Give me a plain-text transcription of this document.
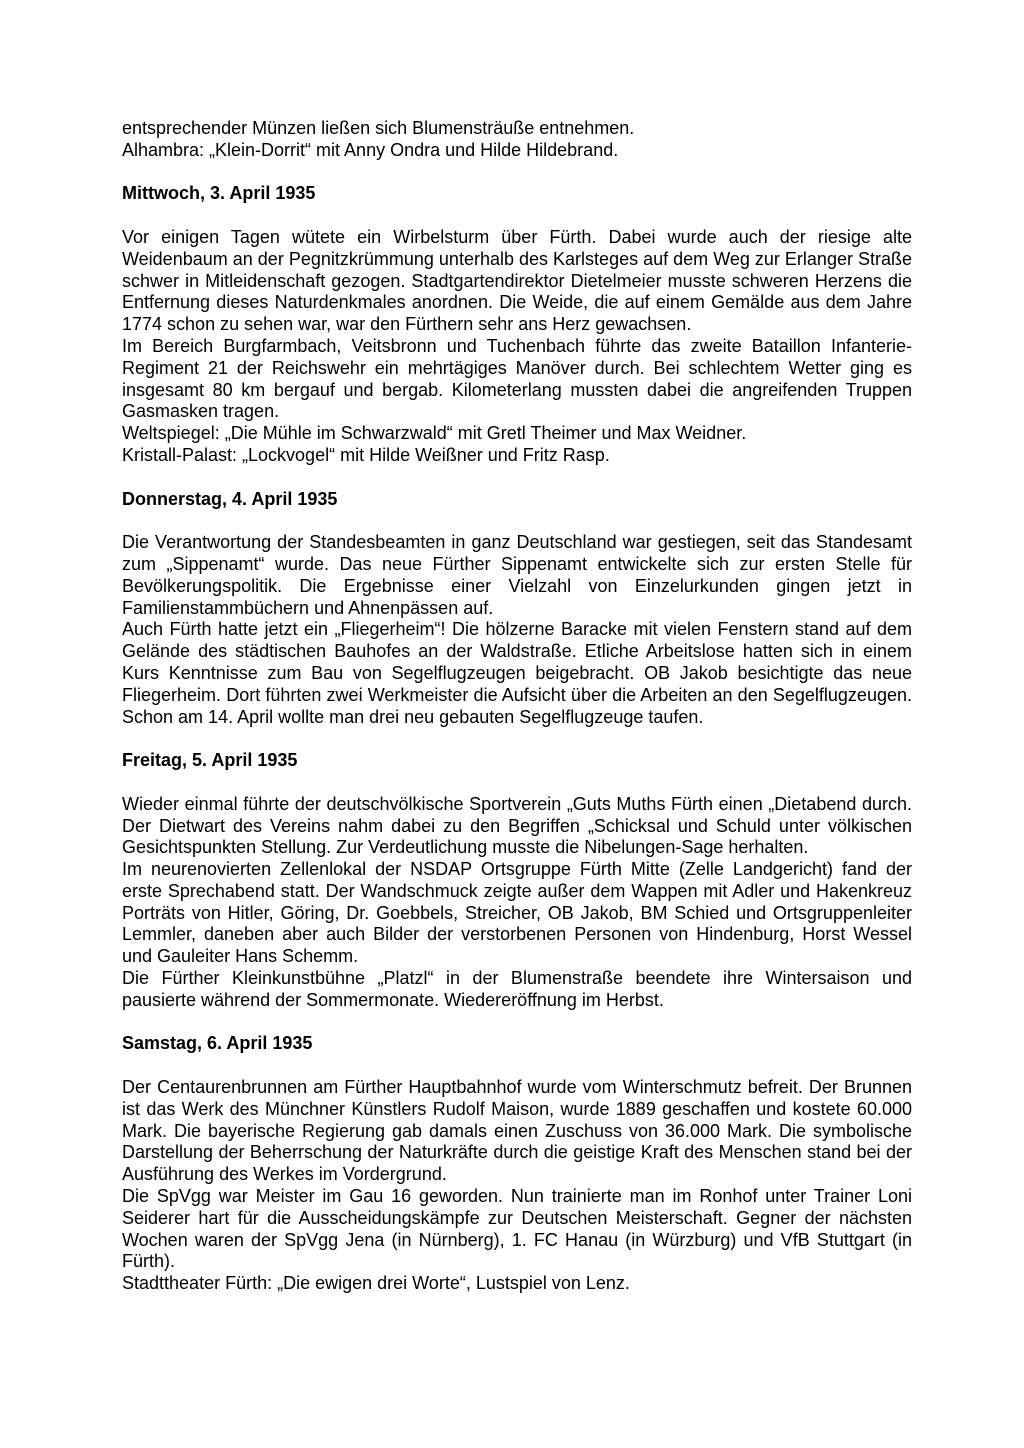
entsprechender Münzen ließen sich Blumensträuße entnehmen.

Alhambra: „Klein-Dorrit“ mit Anny Ondra und Hilde Hildebrand.

Mittwoch, 3. April 1935

Vor einigen Tagen wütete ein Wirbelsturm über Fürth. Dabei wurde auch der riesige alte Weidenbaum an der Pegnitzkrümmung unterhalb des Karlsteges auf dem Weg zur Erlanger Straße schwer in Mitleidenschaft gezogen. Stadtgartendirektor Dietelmeier musste schweren Herzens die Entfernung dieses Naturdenkmales anordnen. Die Weide, die auf einem Gemälde aus dem Jahre 1774 schon zu sehen war, war den Fürthern sehr ans Herz gewachsen.

Im Bereich Burgfarmbach, Veitsbronn und Tuchenbach führte das zweite Bataillon Infanterie-Regiment 21 der Reichswehr ein mehrtägiges Manöver durch. Bei schlechtem Wetter ging es insgesamt 80 km bergauf und bergab. Kilometerlang mussten dabei die angreifenden Truppen Gasmasken tragen.

Weltspiegel: „Die Mühle im Schwarzwald“ mit Gretl Theimer und Max Weidner.

Kristall-Palast: „Lockvogel“ mit Hilde Weißner und Fritz Rasp.

Donnerstag, 4. April 1935

Die Verantwortung der Standesbeamten in ganz Deutschland war gestiegen, seit das Standesamt zum „Sippenamt“ wurde. Das neue Fürther Sippenamt entwickelte sich zur ersten Stelle für Bevölkerungspolitik. Die Ergebnisse einer Vielzahl von Einzelurkunden gingen jetzt in Familienstammbüchern und Ahnenpässen auf.

Auch Fürth hatte jetzt ein „Fliegerheim“! Die hölzerne Baracke mit vielen Fenstern stand auf dem Gelände des städtischen Bauhofes an der Waldstraße. Etliche Arbeitslose hatten sich in einem Kurs Kenntnisse zum Bau von Segelflugzeugen beigebracht. OB Jakob besichtigte das neue Fliegerheim. Dort führten zwei Werkmeister die Aufsicht über die Arbeiten an den Segelflugzeugen. Schon am 14. April wollte man drei neu gebauten Segelflugzeuge taufen.

Freitag, 5. April 1935

Wieder einmal führte der deutschvölkische Sportverein „Guts Muths Fürth einen „Dietabend durch. Der Dietwart des Vereins nahm dabei zu den Begriffen „Schicksal und Schuld unter völkischen Gesichtspunkten Stellung. Zur Verdeutlichung musste die Nibelungen-Sage herhalten.

Im neurenovierten Zellenlokal der NSDAP Ortsgruppe Fürth Mitte (Zelle Landgericht) fand der erste Sprechabend statt. Der Wandschmuck zeigte außer dem Wappen mit Adler und Hakenkreuz Porträts von Hitler, Göring, Dr. Goebbels, Streicher, OB Jakob, BM Schied und Ortsgruppenleiter Lemmler, daneben aber auch Bilder der verstorbenen Personen von Hindenburg, Horst Wessel und Gauleiter Hans Schemm.

Die Fürther Kleinkunstbühne „Platzl“ in der Blumenstraße beendete ihre Wintersaison und pausierte während der Sommermonate. Wiedereröffnung im Herbst.

Samstag, 6. April 1935

Der Centaurenbrunnen am Fürther Hauptbahnhof wurde vom Winterschmutz befreit. Der Brunnen ist das Werk des Münchner Künstlers Rudolf Maison, wurde 1889 geschaffen und kostete 60.000 Mark. Die bayerische Regierung gab damals einen Zuschuss von 36.000 Mark. Die symbolische Darstellung der Beherrschung der Naturkräfte durch die geistige Kraft des Menschen stand bei der Ausführung des Werkes im Vordergrund.

Die SpVgg war Meister im Gau 16 geworden. Nun trainierte man im Ronhof unter Trainer Loni Seiderer hart für die Ausscheidungskämpfe zur Deutschen Meisterschaft. Gegner der nächsten Wochen waren der SpVgg Jena (in Nürnberg), 1. FC Hanau (in Würzburg) und VfB Stuttgart (in Fürth).

Stadttheater Fürth: „Die ewigen drei Worte“, Lustspiel von Lenz.
